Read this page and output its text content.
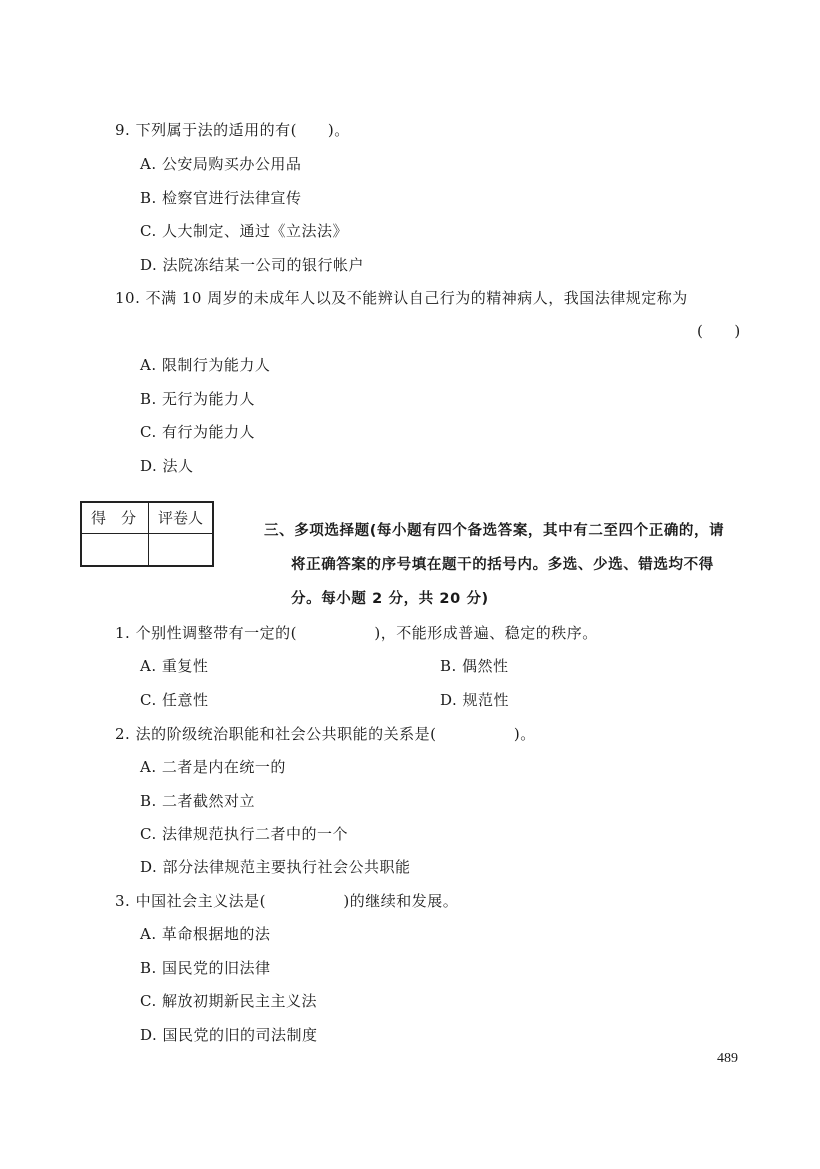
9. 下列属于法的适用的有(　　)。
A. 公安局购买办公用品
B. 检察官进行法律宣传
C. 人大制定、通过《立法法》
D. 法院冻结某一公司的银行帐户
10. 不满 10 周岁的未成年人以及不能辨认自己行为的精神病人，我国法律规定称为
(　　)
A. 限制行为能力人
B. 无行为能力人
C. 有行为能力人
D. 法人
得　分 评卷人
三、多项选择题(每小题有四个备选答案，其中有二至四个正确的，请
将正确答案的序号填在题干的括号内。多选、少选、错选均不得
分。每小题 2 分，共 20 分)
1. 个别性调整带有一定的(　　　　　)，不能形成普遍、稳定的秩序。
A. 重复性	B. 偶然性
C. 任意性	D. 规范性
2. 法的阶级统治职能和社会公共职能的关系是(　　　　　)。
A. 二者是内在统一的
B. 二者截然对立
C. 法律规范执行二者中的一个
D. 部分法律规范主要执行社会公共职能
3. 中国社会主义法是(　　　　　)的继续和发展。
A. 革命根据地的法
B. 国民党的旧法律
C. 解放初期新民主主义法
D. 国民党的旧的司法制度
489
